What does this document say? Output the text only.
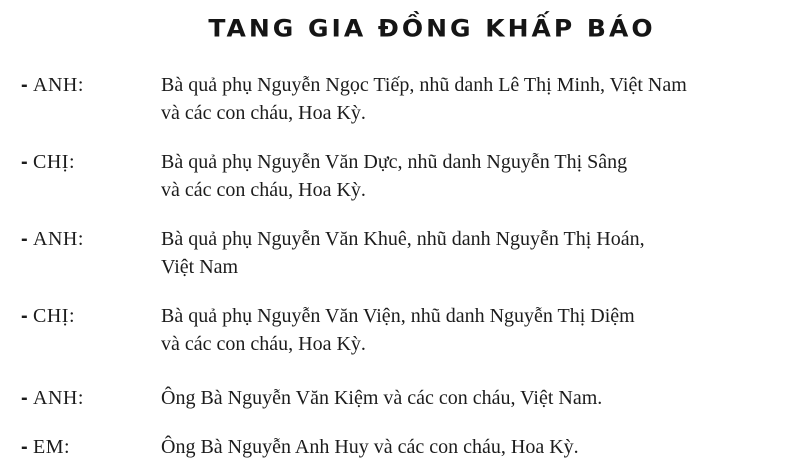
TANG GIA ĐỒNG KHẤP BÁO
- ANH:	Bà quả phụ Nguyễn Ngọc Tiếp, nhũ danh Lê Thị Minh, Việt Nam
và các con cháu, Hoa Kỳ.
- CHỊ:	Bà quả phụ Nguyễn Văn Dực, nhũ danh Nguyễn Thị Sâng
và các con cháu, Hoa Kỳ.
- ANH:	Bà quả phụ Nguyễn Văn Khuê, nhũ danh Nguyễn Thị Hoán,
Việt Nam
- CHỊ:	Bà quả phụ Nguyễn Văn Viện, nhũ danh Nguyễn Thị Diệm
và các con cháu, Hoa Kỳ.
- ANH:	Ông Bà Nguyễn Văn Kiệm và các con cháu, Việt Nam.
- EM:	Ông Bà Nguyễn Anh Huy và các con cháu, Hoa Kỳ.
